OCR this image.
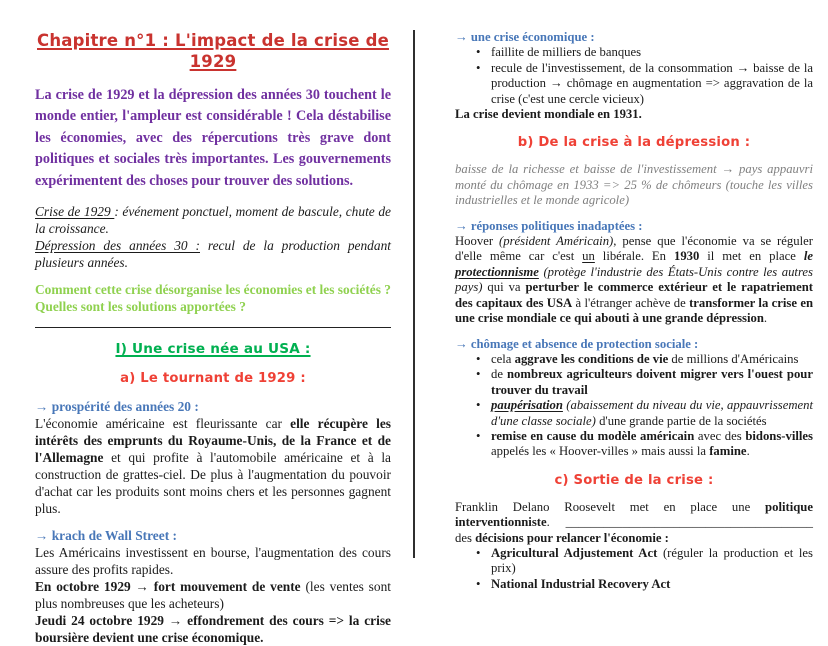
Chapitre n°1 : L'impact de la crise de 1929
La crise de 1929 et la dépression des années 30 touchent le monde entier, l'ampleur est considérable ! Cela déstabilise les économies, avec des répercutions très grave dont politiques et sociales très importantes. Les gouvernements expérimentent des choses pour trouver des solutions.
Crise de 1929 : événement ponctuel, moment de bascule, chute de la croissance.
Dépression des années 30 : recul de la production pendant plusieurs années.
Comment cette crise désorganise les économies et les sociétés ? Quelles sont les solutions apportées ?
I) Une crise née au USA :
a) Le tournant de 1929 :
→ prospérité des années 20 :
L'économie américaine est fleurissante car elle récupère les intérêts des emprunts du Royaume-Unis, de la France et de l'Allemagne et qui profite à l'automobile américaine et à la construction de grattes-ciel. De plus à l'augmentation du pouvoir d'achat car les produits sont moins chers et les personnes gagnent plus.
→ krach de Wall Street :
Les Américains investissent en bourse, l'augmentation des cours assure des profits rapides.
En octobre 1929 → fort mouvement de vente (les ventes sont plus nombreuses que les acheteurs)
Jeudi 24 octobre 1929 → effondrement des cours => la crise boursière devient une crise économique.
→ une crise économique :
• faillite de milliers de banques
• recule de l'investissement, de la consommation → baisse de la production → chômage en augmentation => aggravation de la crise (c'est une cercle vicieux)
La crise devient mondiale en 1931.
b) De la crise à la dépression :
baisse de la richesse et baisse de l'investissement → pays appauvri monté du chômage en 1933 => 25 % de chômeurs (touche les villes industrielles et le monde agricole)
→ réponses politiques inadaptées :
Hoover (président Américain), pense que l'économie va se réguler d'elle même car c'est un libérale. En 1930 il met en place le protectionnisme (protège l'industrie des États-Unis contre les autres pays) qui va perturber le commerce extérieur et le rapatriement des capitaux des USA à l'étranger achève de transformer la crise en une crise mondiale ce qui abouti à une grande dépression.
→ chômage et absence de protection sociale :
• cela aggrave les conditions de vie de millions d'Américains
• de nombreux agriculteurs doivent migrer vers l'ouest pour trouver du travail
• paupérisation (abaissement du niveau du vie, appauvrissement d'une classe sociale) d'une grande partie de la sociétés
• remise en cause du modèle américain avec des bidons-villes appelés les « Hoover-villes » mais aussi la famine.
c) Sortie de la crise :
Franklin Delano Roosevelt met en place une politique interventionniste. _______________________________________ des décisions pour relancer l'économie :
• Agricultural Adjustement Act (réguler la production et les prix)
• National Industrial Recovery Act
